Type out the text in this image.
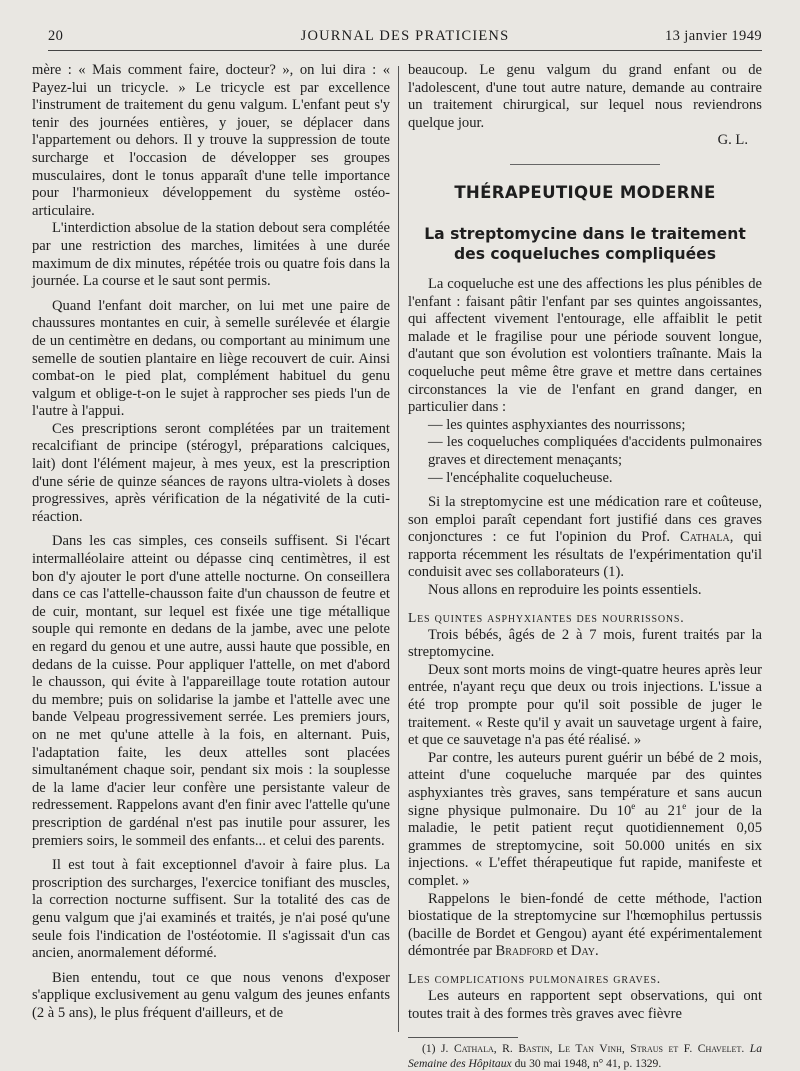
20	JOURNAL DES PRATICIENS	13 janvier 1949

mère : « Mais comment faire, docteur? », on lui dira : « Payez-lui un tricycle. » Le tricycle est par excellence l'instrument de traitement du genu valgum. L'enfant peut s'y tenir des journées entières, y jouer, se déplacer dans l'appartement ou dehors. Il y trouve la suppression de toute surcharge et l'occasion de développer ses groupes musculaires, dont le tonus apparaît d'une telle importance pour l'harmonieux développement du système ostéo-articulaire.

L'interdiction absolue de la station debout sera complétée par une restriction des marches, limitées à une durée maximum de dix minutes, répétée trois ou quatre fois dans la journée. La course et le saut sont permis.

Quand l'enfant doit marcher, on lui met une paire de chaussures montantes en cuir, à semelle surélevée et élargie de un centimètre en dedans, ou comportant au minimum une semelle de soutien plantaire en liège recouvert de cuir. Ainsi combat-on le pied plat, complément habituel du genu valgum et oblige-t-on le sujet à rapprocher ses pieds l'un de l'autre à l'appui.

Ces prescriptions seront complétées par un traitement recalcifiant de principe (stérogyl, préparations calciques, lait) dont l'élément majeur, à mes yeux, est la prescription d'une série de quinze séances de rayons ultra-violets à doses progressives, après vérification de la négativité de la cuti-réaction.

Dans les cas simples, ces conseils suffisent. Si l'écart intermalléolaire atteint ou dépasse cinq centimètres, il est bon d'y ajouter le port d'une attelle nocturne. On conseillera dans ce cas l'attelle-chausson faite d'un chausson de feutre et de cuir, montant, sur lequel est fixée une tige métallique souple qui remonte en dedans de la jambe, avec une pelote en regard du genou et une autre, aussi haute que possible, en dedans de la cuisse. Pour appliquer l'attelle, on met d'abord le chausson, qui évite à l'appareillage toute rotation autour du membre; puis on solidarise la jambe et l'attelle avec une bande Velpeau progressivement serrée. Les premiers jours, on ne met qu'une attelle à la fois, en alternant. Puis, l'adaptation faite, les deux attelles sont placées simultanément chaque soir, pendant six mois : la souplesse de la lame d'acier leur confère une persistante valeur de redressement. Rappelons avant d'en finir avec l'attelle qu'une prescription de gardénal n'est pas inutile pour assurer, les premiers soirs, le sommeil des enfants... et celui des parents.

Il est tout à fait exceptionnel d'avoir à faire plus. La proscription des surcharges, l'exercice tonifiant des muscles, la correction nocturne suffisent. Sur la totalité des cas de genu valgum que j'ai examinés et traités, je n'ai posé qu'une seule fois l'indication de l'ostéotomie. Il s'agissait d'un cas ancien, anormalement déformé.

Bien entendu, tout ce que nous venons d'exposer s'applique exclusivement au genu valgum des jeunes enfants (2 à 5 ans), le plus fréquent d'ailleurs, et de

beaucoup. Le genu valgum du grand enfant ou de l'adolescent, d'une tout autre nature, demande au contraire un traitement chirurgical, sur lequel nous reviendrons quelque jour.

G. L.
THÉRAPEUTIQUE MODERNE
La streptomycine dans le traitement
des coqueluches compliquées

La coqueluche est une des affections les plus pénibles de l'enfant : faisant pâtir l'enfant par ses quintes angoissantes, qui affectent vivement l'entourage, elle affaiblit le petit malade et le fragilise pour une période souvent longue, d'autant que son évolution est volontiers traînante. Mais la coqueluche peut même être grave et mettre dans certaines circonstances la vie de l'enfant en grand danger, en particulier dans :

— les quintes asphyxiantes des nourrissons;
— les coqueluches compliquées d'accidents pulmonaires graves et directement menaçants;
— l'encéphalite coquelucheuse.

Si la streptomycine est une médication rare et coûteuse, son emploi paraît cependant fort justifié dans ces graves conjonctures : ce fut l'opinion du Prof. Cathala, qui rapporta récemment les résultats de l'expérimentation qu'il conduisit avec ses collaborateurs (1).

Nous allons en reproduire les points essentiels.

Les quintes asphyxiantes des nourrissons.

Trois bébés, âgés de 2 à 7 mois, furent traités par la streptomycine.

Deux sont morts moins de vingt-quatre heures après leur entrée, n'ayant reçu que deux ou trois injections. L'issue a été trop prompte pour qu'il soit possible de juger le traitement. « Reste qu'il y avait un sauvetage urgent à faire, et que ce sauvetage n'a pas été réalisé. »

Par contre, les auteurs purent guérir un bébé de 2 mois, atteint d'une coqueluche marquée par des quintes asphyxiantes très graves, sans température et sans aucun signe physique pulmonaire. Du 10e au 21e jour de la maladie, le petit patient reçut quotidiennement 0,05 grammes de streptomycine, soit 50.000 unités en six injections. « L'effet thérapeutique fut rapide, manifeste et complet. »

Rappelons le bien-fondé de cette méthode, l'action biostatique de la streptomycine sur l'hœmophilus pertussis (bacille de Bordet et Gengou) ayant été expérimentalement démontrée par Bradford et Day.

Les complications pulmonaires graves.

Les auteurs en rapportent sept observations, qui ont toutes trait à des formes très graves avec fièvre

(1) J. Cathala, R. Bastin, Le Tan Vinh, Straus et F. Chavelet. La Semaine des Hôpitaux du 30 mai 1948, n° 41, p. 1329.
